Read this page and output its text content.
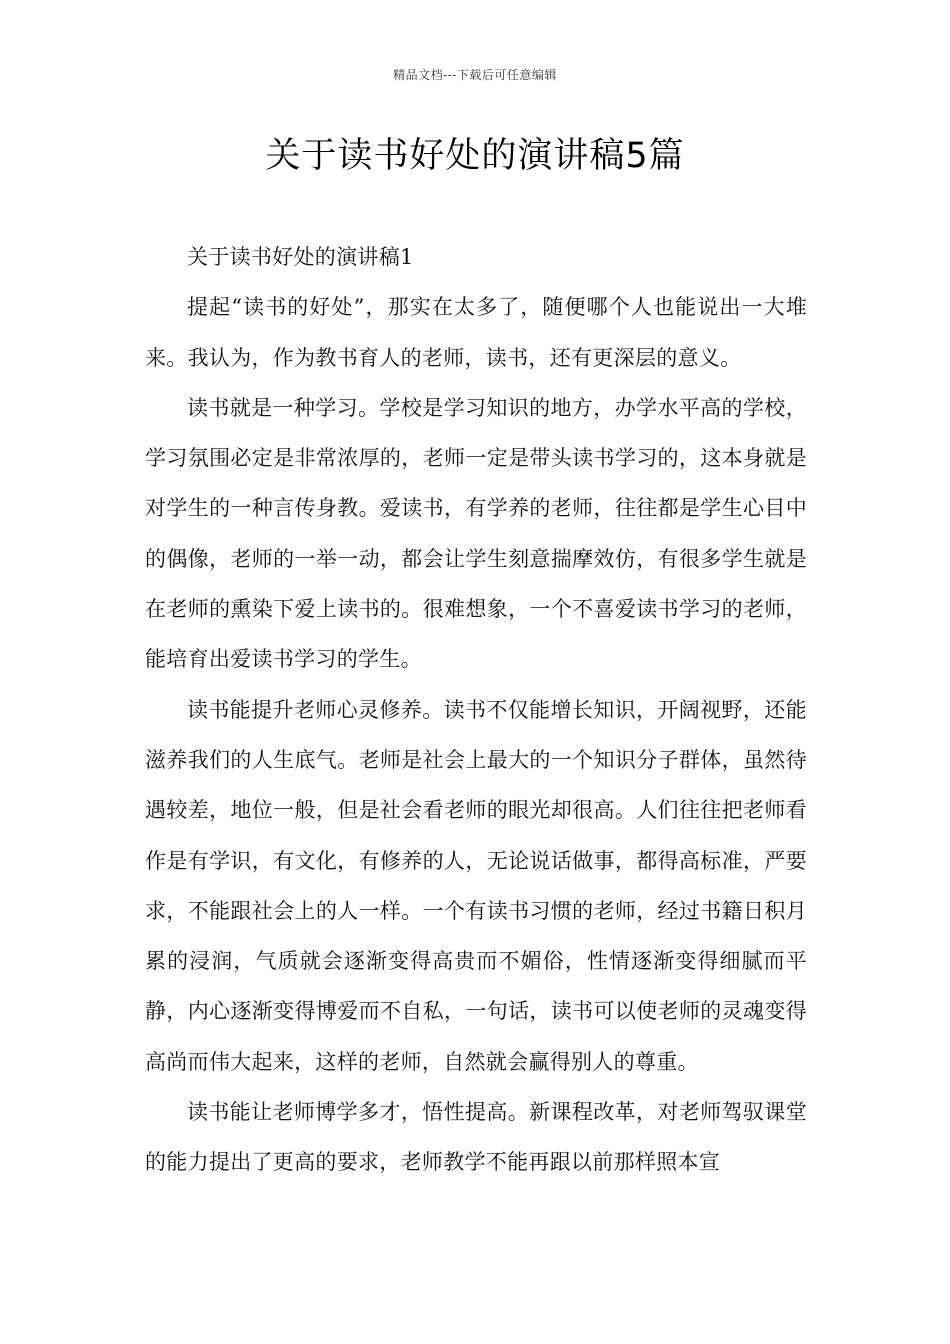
精品文档---下载后可任意编辑
关于读书好处的演讲稿5篇

关于读书好处的演讲稿1

提起“读书的好处”，那实在太多了，随便哪个人也能说出一大堆来。我认为，作为教书育人的老师，读书，还有更深层的意义。

读书就是一种学习。学校是学习知识的地方，办学水平高的学校，学习氛围必定是非常浓厚的，老师一定是带头读书学习的，这本身就是对学生的一种言传身教。爱读书，有学养的老师，往往都是学生心目中的偶像，老师的一举一动，都会让学生刻意揣摩效仿，有很多学生就是在老师的熏染下爱上读书的。很难想象，一个不喜爱读书学习的老师，能培育出爱读书学习的学生。

读书能提升老师心灵修养。读书不仅能增长知识，开阔视野，还能滋养我们的人生底气。老师是社会上最大的一个知识分子群体，虽然待遇较差，地位一般，但是社会看老师的眼光却很高。人们往往把老师看作是有学识，有文化，有修养的人，无论说话做事，都得高标准，严要求，不能跟社会上的人一样。一个有读书习惯的老师，经过书籍日积月累的浸润，气质就会逐渐变得高贵而不媚俗，性情逐渐变得细腻而平静，内心逐渐变得博爱而不自私，一句话，读书可以使老师的灵魂变得高尚而伟大起来，这样的老师，自然就会赢得别人的尊重。

读书能让老师博学多才，悟性提高。新课程改革，对老师驾驭课堂的能力提出了更高的要求，老师教学不能再跟以前那样照本宣
